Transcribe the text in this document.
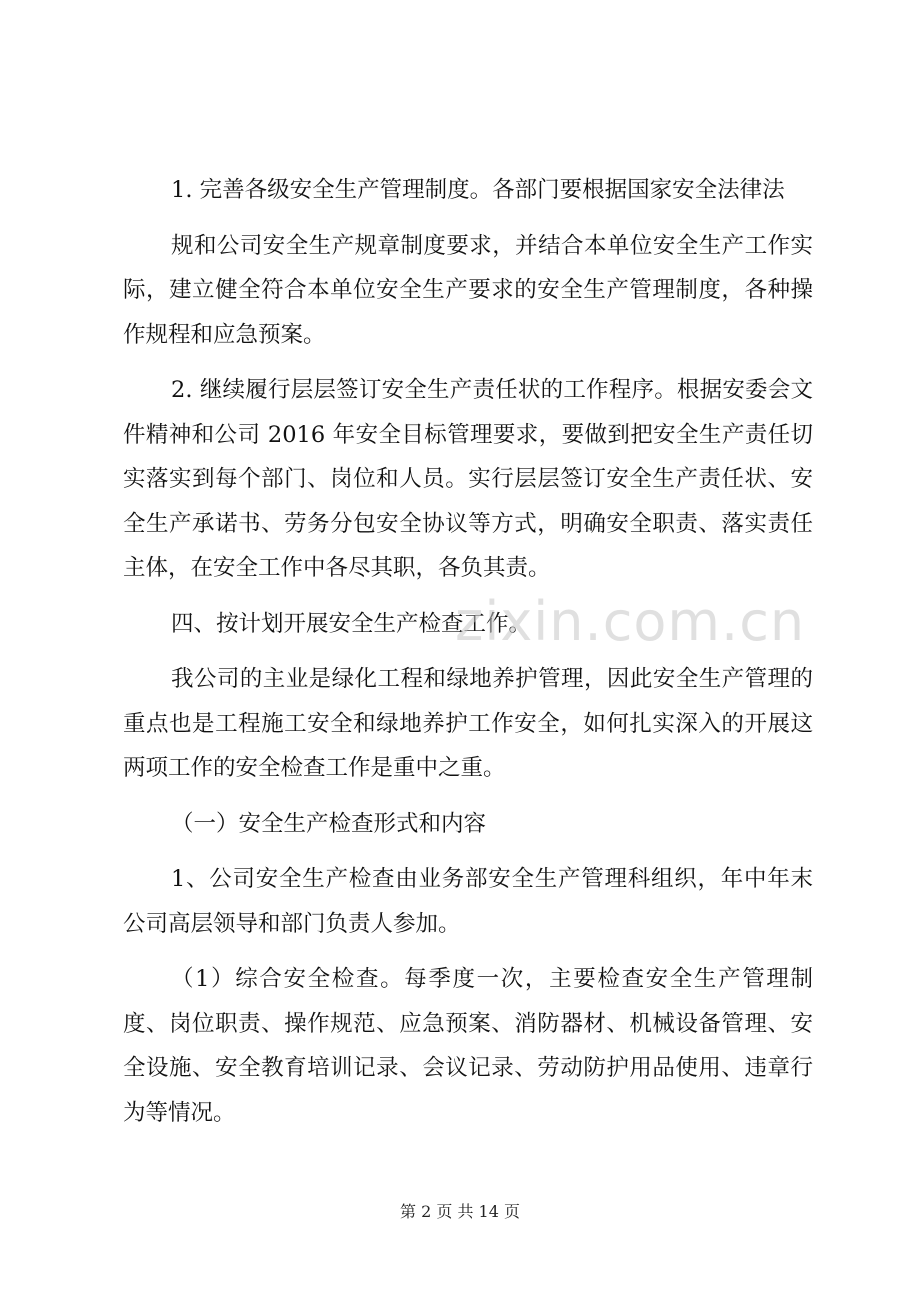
1. 完善各级安全生产管理制度。各部门要根据国家安全法律法

规和公司安全生产规章制度要求，并结合本单位安全生产工作实际，建立健全符合本单位安全生产要求的安全生产管理制度，各种操作规程和应急预案。

2. 继续履行层层签订安全生产责任状的工作程序。根据安委会文件精神和公司 2016 年安全目标管理要求，要做到把安全生产责任切实落实到每个部门、岗位和人员。实行层层签订安全生产责任状、安全生产承诺书、劳务分包安全协议等方式，明确安全职责、落实责任主体，在安全工作中各尽其职，各负其责。

四、按计划开展安全生产检查工作。

我公司的主业是绿化工程和绿地养护管理，因此安全生产管理的重点也是工程施工安全和绿地养护工作安全，如何扎实深入的开展这两项工作的安全检查工作是重中之重。

（一）安全生产检查形式和内容

1、公司安全生产检查由业务部安全生产管理科组织，年中年末公司高层领导和部门负责人参加。

（1）综合安全检查。每季度一次，主要检查安全生产管理制度、岗位职责、操作规范、应急预案、消防器材、机械设备管理、安全设施、安全教育培训记录、会议记录、劳动防护用品使用、违章行为等情况。

zixin.com.cn
第 2 页 共 14 页
